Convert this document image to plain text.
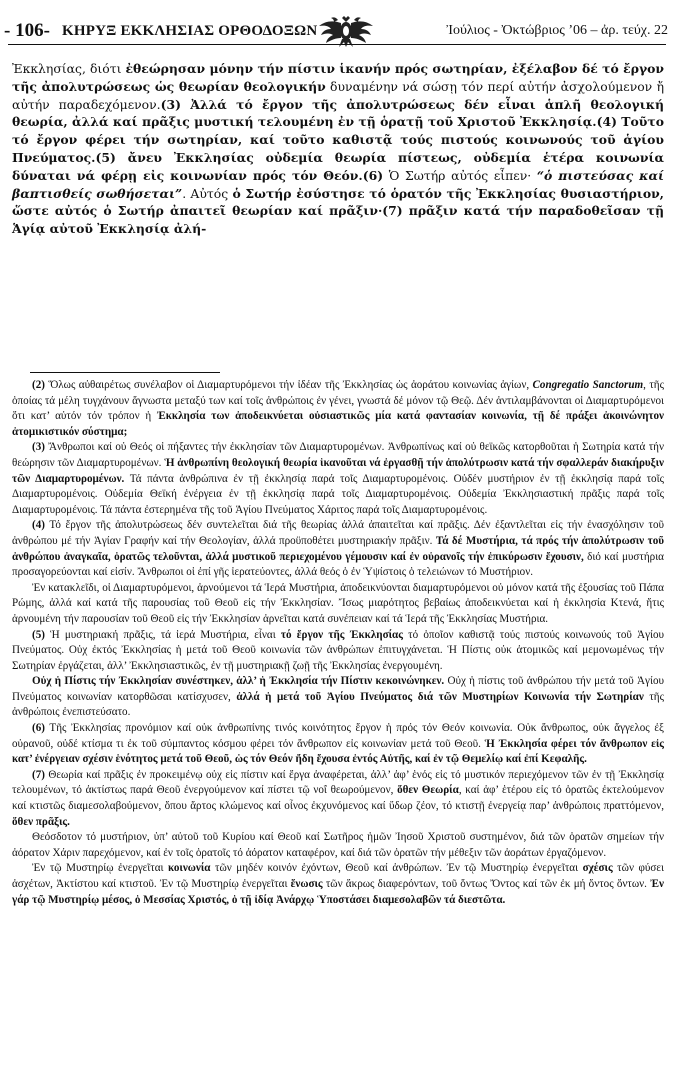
- 106- ΚΗΡΥΞ ΕΚΚΛΗΣΙΑΣ ΟΡΘΟΔΟΞΩΝ	Ἰούλιος - Ὀκτώβριος ’06 – ἀρ. τεύχ. 22

Ἐκκλησίας, διότι ἐθεώρησαν μόνην τήν πίστιν ἱκανήν πρός σωτηρίαν, ἐξέλαβον δέ τό ἔργον τῆς ἀπολυτρώσεως ὡς θεωρίαν θεολογικήν δυναμένην νά σώσῃ τόν περί αὐτήν ἀσχολούμενον ἤ αὐτήν παραδεχόμενον.(3) Ἀλλά τό ἔργον τῆς ἀπολυτρώσεως δέν εἶναι ἁπλῆ θεολογική θεωρία, ἀλλά καί πρᾶξις μυστική τελουμένη ἐν τῇ ὁρατῇ τοῦ Χριστοῦ Ἐκκλησίᾳ.(4) Τοῦτο τό ἔργον φέρει τήν σωτηρίαν, καί τοῦτο καθιστᾷ τούς πιστούς κοινωνούς τοῦ ἁγίου Πνεύματος.(5) ἄνευ Ἐκκλησίας οὐδεμία θεωρία πίστεως, οὐδεμία ἑτέρα κοινωνία δύναται νά φέρῃ εἰς κοινωνίαν πρός τόν Θεόν.(6) Ὁ Σωτήρ αὐτός εἶπεν· “ὁ πιστεύσας καί βαπτισθείς σωθήσεται”. Αὐτός ὁ Σωτήρ ἐσύστησε τό ὁρατόν τῆς Ἐκκλησίας θυσιαστήριον, ὥστε αὐτός ὁ Σωτήρ ἀπαιτεῖ θεωρίαν καί πρᾶξιν·(7) πρᾶξιν κατά τήν παραδοθεῖσαν τῇ Ἁγίᾳ αὐτοῦ Ἐκκλησίᾳ ἀλή-

(2) Ὅλως αὐθαιρέτως συνέλαβον οἱ Διαμαρτυρόμενοι τήν ἰδέαν τῆς Ἐκκλησίας ὡς ἀοράτου κοινωνίας ἁγίων, Congregatio Sanctorum, τῆς ὁποίας τά μέλη τυγχάνουν ἄγνωστα μεταξύ των καί τοῖς ἀνθρώποις ἐν γένει, γνωστά δέ μόνον τῷ Θεῷ. Δέν ἀντιλαμβάνονται οἱ Διαμαρτυρόμενοι ὅτι κατ’ αὐτόν τόν τρόπον ἡ Ἐκκλησία των ἀποδεικνύεται οὐσιαστικῶς μία κατά φαντασίαν κοινωνία, τῇ δέ πράξει ἀκοινώνητον ἀτομικιστικόν σύστημα;

(3) Ἄνθρωποι καί οὐ Θεός οἱ πήξαντες τήν ἐκκλησίαν τῶν Διαμαρτυρομένων. Ἀνθρωπίνως καί οὐ θεϊκῶς κατορθοῦται ἡ Σωτηρία κατά τήν θεώρησιν τῶν Διαμαρτυρομένων. Ἡ ἀνθρωπίνη θεολογική θεωρία ἱκανοῦται νά ἐργασθῇ τήν ἀπολύτρωσιν κατά τήν σφαλλεράν διακήρυξιν τῶν Διαμαρτυρομένων. Τά πάντα ἀνθρώπινα ἐν τῇ ἐκκλησίᾳ παρά τοῖς Διαμαρτυρομένοις. Οὐδέν μυστήριον ἐν τῇ ἐκκλησίᾳ παρά τοῖς Διαμαρτυρομένοις. Οὐδεμία Θεϊκή ἐνέργεια ἐν τῇ ἐκκλησίᾳ παρά τοῖς Διαμαρτυρομένοις. Οὐδεμία Ἐκκλησιαστική πρᾶξις παρά τοῖς Διαμαρτυρομένοις. Τά πάντα ἐστερημένα τῆς τοῦ Ἁγίου Πνεύματος Χάριτος παρά τοῖς Διαμαρτυρομένοις.

(4) Τό ἔργον τῆς ἀπολυτρώσεως δέν συντελεῖται διά τῆς θεωρίας ἀλλά ἀπαιτεῖται καί πρᾶξις. Δέν ἐξαντλεῖται εἰς τήν ἐνασχόλησιν τοῦ ἀνθρώπου μέ τήν Ἁγίαν Γραφήν καί τήν Θεολογίαν, ἀλλά προϋποθέτει μυστηριακήν πρᾶξιν. Τά δέ Μυστήρια, τά πρός τήν ἀπολύτρωσιν τοῦ ἀνθρώπου ἀναγκαῖα, ὁρατῶς τελοῦνται, ἀλλά μυστικοῦ περιεχομένου γέμουσιν καί ἐν οὐρανοῖς τήν ἐπικύρωσιν ἔχουσιν, διό καί μυστήρια προσαγορεύονται καί εἰσίν. Ἄνθρωποι οἱ ἐπί γῆς ἱερατεύοντες, ἀλλά θεός ὁ ἐν Ὑψίστοις ὁ τελειώνων τό Μυστήριον.

Ἐν κατακλεῖδι, οἱ Διαμαρτυρόμενοι, ἀρνούμενοι τά Ἱερά Μυστήρια, ἀποδεικνύονται διαμαρτυρόμενοι οὐ μόνον κατά τῆς ἐξουσίας τοῦ Πάπα Ρώμης, ἀλλά καί κατά τῆς παρουσίας τοῦ Θεοῦ εἰς τήν Ἐκκλησίαν. Ἴσως μιαρότητος βεβαίως ἀποδεικνύεται καί ἡ ἐκκλησία Κτενά, ἥτις ἀρνουμένη τήν παρουσίαν τοῦ Θεοῦ εἰς τήν Ἐκκλησίαν ἀρνεῖται κατά συνέπειαν καί τά Ἱερά τῆς Ἐκκλησίας Μυστήρια.

(5) Ἡ μυστηριακή πρᾶξις, τά ἱερά Μυστήρια, εἶναι τό ἔργον τῆς Ἐκκλησίας τό ὁποῖον καθιστᾷ τούς πιστούς κοινωνούς τοῦ Ἁγίου Πνεύματος. Οὐχ ἐκτός Ἐκκλησίας ἡ μετά τοῦ Θεοῦ κοινωνία τῶν ἀνθρώπων ἐπιτυγχάνεται. Ἡ Πίστις οὐκ ἀτομικῶς καί μεμονωμένως τήν Σωτηρίαν ἐργάζεται, ἀλλ’ Ἐκκλησιαστικῶς, ἐν τῇ μυστηριακῇ ζωῇ τῆς Ἐκκλησίας ἐνεργουμένη.

Οὐχ ἡ Πίστις τήν Ἐκκλησίαν συνέστηκεν, ἀλλ’ ἡ Ἐκκλησία τήν Πίστιν κεκοινώνηκεν. Οὐχ ἡ πίστις τοῦ ἀνθρώπου τήν μετά τοῦ Ἁγίου Πνεύματος κοινωνίαν κατορθῶσαι κατίσχυσεν, ἀλλά ἡ μετά τοῦ Ἁγίου Πνεύματος διά τῶν Μυστηρίων Κοινωνία τήν Σωτηρίαν τῆς ἀνθρώποις ἐνεπιστεύσατο.

(6) Τῆς Ἐκκλησίας προνόμιον καί οὐκ ἀνθρωπίνης τινός κοινότητος ἔργον ἡ πρός τόν Θεόν κοινωνία. Οὐκ ἄνθρωπος, οὐκ ἄγγελος ἐξ οὐρανοῦ, οὐδέ κτίσμα τι ἐκ τοῦ σύμπαντος κόσμου φέρει τόν ἄνθρωπον εἰς κοινωνίαν μετά τοῦ Θεοῦ. Ἡ Ἐκκλησία φέρει τόν ἄνθρωπον εἰς κατ’ ἐνέργειαν σχέσιν ἑνότητος μετά τοῦ Θεοῦ, ὡς τόν Θεόν ἤδη ἔχουσα ἐντός Αὐτῆς, καί ἐν τῷ Θεμελίῳ καί ἐπί Κεφαλῆς.

(7) Θεωρία καί πρᾶξις ἐν προκειμένῳ οὐχ εἰς πίστιν καί ἔργα ἀναφέρεται, ἀλλ’ ἀφ’ ἑνός εἰς τό μυστικόν περιεχόμενον τῶν ἐν τῇ Ἐκκλησίᾳ τελουμένων, τό ἀκτίστως παρά Θεοῦ ἐνεργούμενον καί πίστει τῷ νοΐ θεωρούμενον, ὅθεν Θεωρία, καί ἀφ’ ἑτέρου εἰς τό ὁρατῶς ἐκτελούμενον καί κτιστῶς διαμεσολαβούμενον, ὅπου ἄρτος κλώμενος καί οἶνος ἐκχυνόμενος καί ὕδωρ ζέον, τό κτιστῇ ἐνεργείᾳ παρ’ ἀνθρώποις πραττόμενον, ὅθεν πρᾶξις.

Θεόσδοτον τό μυστήριον, ὑπ’ αὐτοῦ τοῦ Κυρίου καί Θεοῦ καί Σωτῆρος ἡμῶν Ἰησοῦ Χριστοῦ συστημένον, διά τῶν ὁρατῶν σημείων τήν ἀόρατον Χάριν παρεχόμενον, καί ἐν τοῖς ὁρατοῖς τό ἀόρατον καταφέρον, καί διά τῶν ὁρατῶν τήν μέθεξιν τῶν ἀοράτων ἐργαζόμενον.

Ἐν τῷ Μυστηρίῳ ἐνεργεῖται κοινωνία τῶν μηδέν κοινόν ἐχόντων, Θεοῦ καί ἀνθρώπων. Ἐν τῷ Μυστηρίῳ ἐνεργεῖται σχέσις τῶν φύσει ἀσχέτων, Ἀκτίστου καί κτιστοῦ. Ἐν τῷ Μυστηρίῳ ἐνεργεῖται ἕνωσις τῶν ἄκρως διαφερόντων, τοῦ ὄντως Ὄντος καί τῶν ἐκ μή ὄντος ὄντων. Ἐν γάρ τῷ Μυστηρίῳ μέσος, ὁ Μεσσίας Χριστός, ὁ τῇ ἰδίᾳ Ἀνάρχῳ Ὑποστάσει διαμεσολαβῶν τά διεστῶτα.
